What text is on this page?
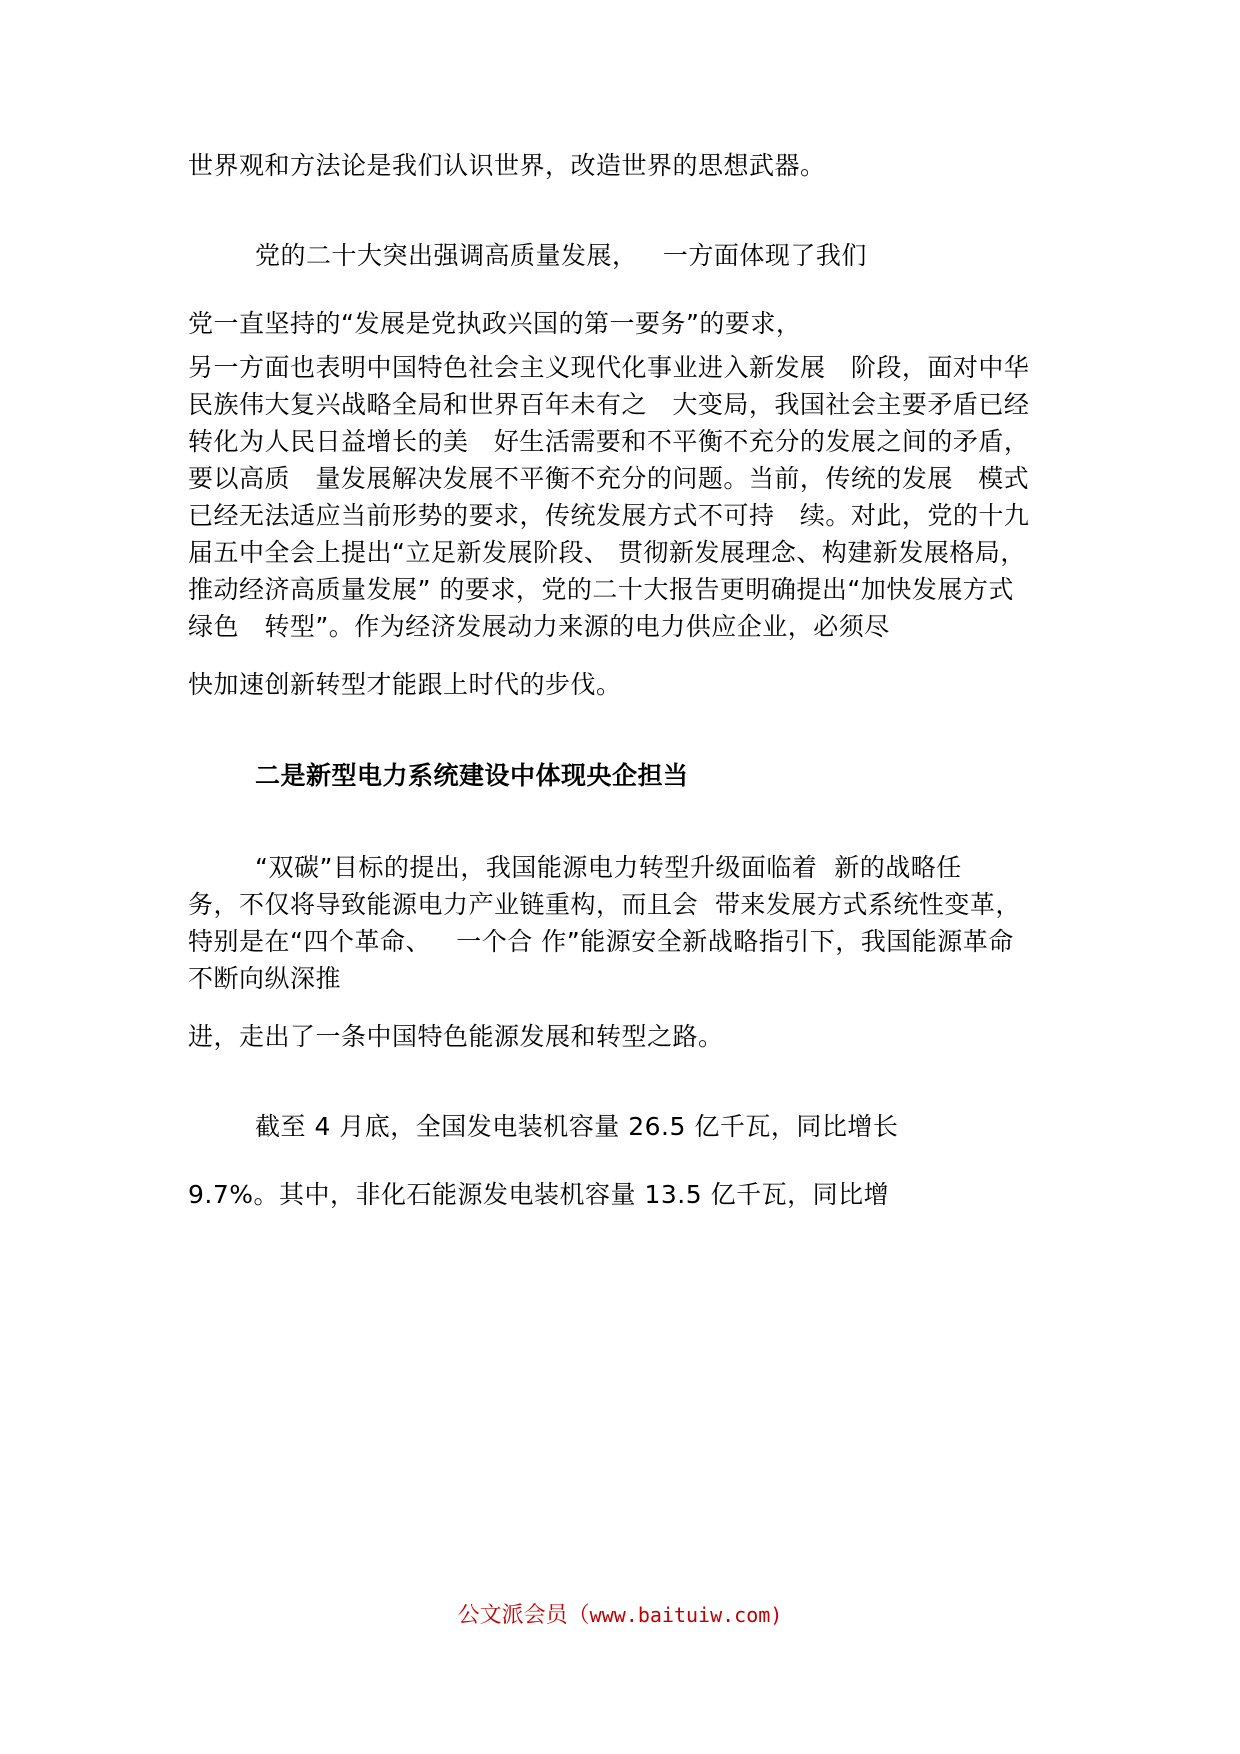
世界观和方法论是我们认识世界，改造世界的思想武器。
党的二十大突出强调高质量发展，   一方面体现了我们
党一直坚持的“发展是党执政兴国的第一要务”的要求，
另一方面也表明中国特色社会主义现代化事业进入新发展   阶段，面对中华
民族伟大复兴战略全局和世界百年未有之   大变局，我国社会主要矛盾已经
转化为人民日益增长的美   好生活需要和不平衡不充分的发展之间的矛盾，
要以高质   量发展解决发展不平衡不充分的问题。当前，传统的发展   模式
已经无法适应当前形势的要求，传统发展方式不可持   续。对此，党的十九
届五中全会上提出“立足新发展阶段、 贯彻新发展理念、构建新发展格局，
推动经济高质量发展” 的要求，党的二十大报告更明确提出“加快发展方式
绿色   转型”。作为经济发展动力来源的电力供应企业，必须尽
快加速创新转型才能跟上时代的步伐。
二是新型电力系统建设中体现央企担当
“双碳”目标的提出，我国能源电力转型升级面临着  新的战略任
务，不仅将导致能源电力产业链重构，而且会  带来发展方式系统性变革，
特别是在“四个革命、   一个合 作”能源安全新战略指引下，我国能源革命
不断向纵深推
进，走出了一条中国特色能源发展和转型之路。
截至 4 月底，全国发电装机容量 26.5 亿千瓦，同比增长
9.7%。其中，非化石能源发电装机容量 13.5 亿千瓦，同比增
公文派会员（www.baituiw.com)
